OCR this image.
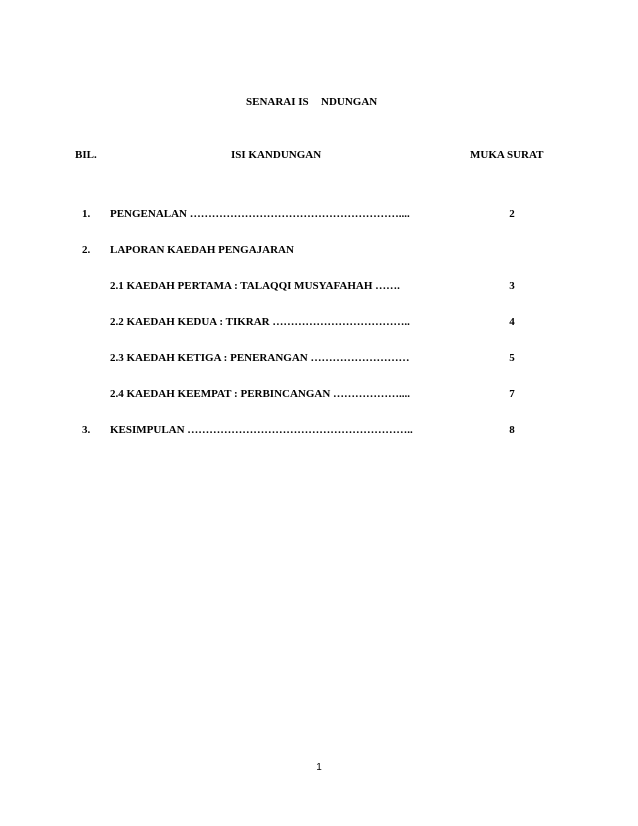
SENARAI IS NDUNGAN
BIL.	ISI KANDUNGAN	MUKA SURAT
1. PENGENALAN …………………………………………………....	2
2. LAPORAN KAEDAH PENGAJARAN
2.1 KAEDAH PERTAMA : TALAQQI MUSYAFAHAH …….	3
2.2 KAEDAH KEDUA : TIKRAR ………………………………..	4
2.3 KAEDAH KETIGA : PENERANGAN ………………………	5
2.4 KAEDAH KEEMPAT : PERBINCANGAN ………………....	7
3. KESIMPULAN ……………………………………………………..	8
1
